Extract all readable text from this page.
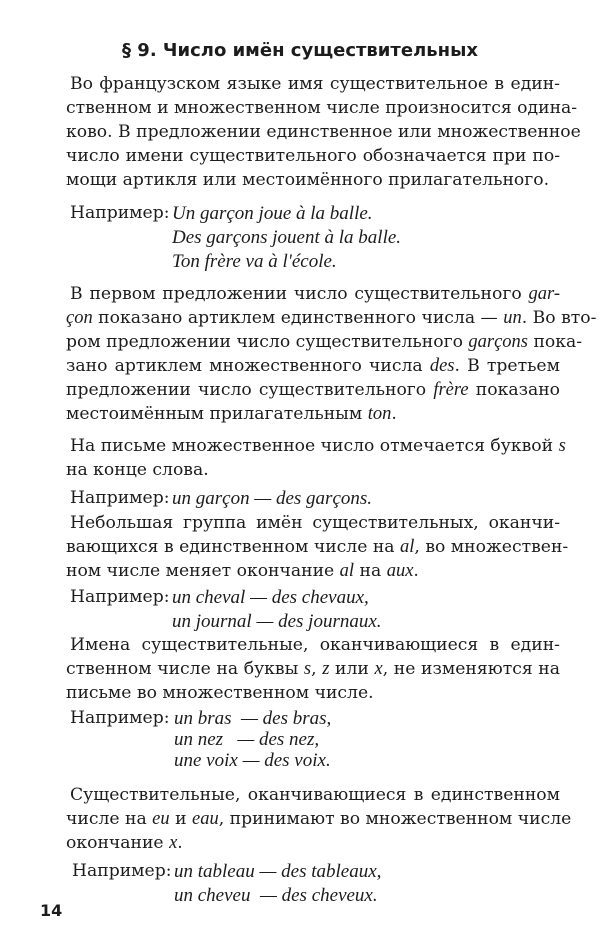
§ 9. Число имён существительных
Во французском языке имя существительное в един-
ственном и множественном числе произносится одина-
ково. В предложении единственное или множественное
число имени существительного обозначается при по-
мощи артикля или местоимённого прилагательного.
Например: Un garçon joue à la balle.
Des garçons jouent à la balle.
Ton frère va à l'école.
В первом предложении число существительного gar-
çon показано артиклем единственного числа — un. Во вто-
ром предложении число существительного garçons пока-
зано артиклем множественного числа des. В третьем
предложении число существительного frère показано
местоимённым прилагательным ton.
На письме множественное число отмечается буквой s
на конце слова.
Например: un garçon — des garçons.
Небольшая группа имён существительных, оканчи-
вающихся в единственном числе на al, во множествен-
ном числе меняет окончание al на aux.
Например: un cheval — des chevaux,
un journal — des journaux.
Имена существительные, оканчивающиеся в един-
ственном числе на буквы s, z или x, не изменяются на
письме во множественном числе.
Например: un bras  — des bras,
un nez   — des nez,
une voix — des voix.
Существительные, оканчивающиеся в единственном
числе на eu и eau, принимают во множественном числе
окончание x.
Например: un tableau — des tableaux,
un cheveu  — des cheveux.
14
